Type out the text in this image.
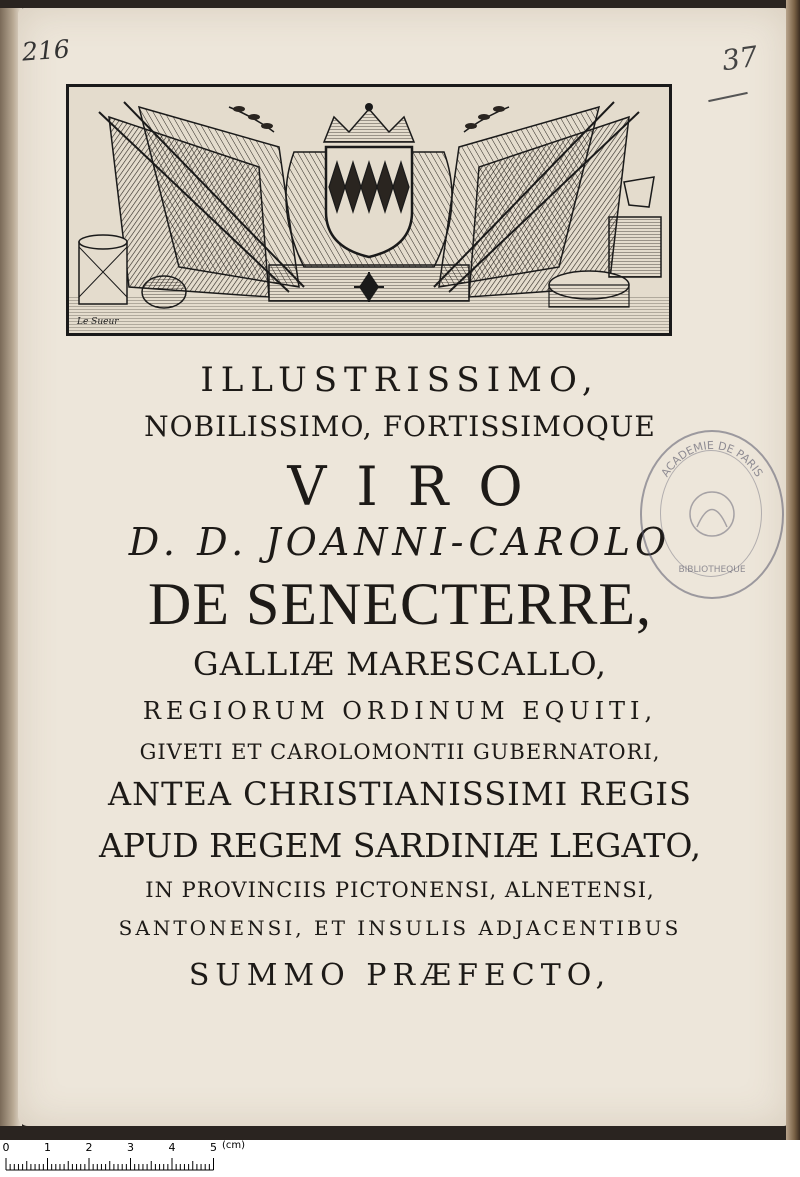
216	37
Le Sueur
ILLUSTRISSIMO,
NOBILISSIMO, FORTISSIMOQUE
VIRO
D. D. JOANNI-CAROLO
DE SENECTERRE,
GALLIÆ MARESCALLO,
REGIORUM ORDINUM EQUITI,
GIVETI ET CAROLOMONTII GUBERNATORI,
ANTEA CHRISTIANISSIMI REGIS
APUD REGEM SARDINIÆ LEGATO,
IN PROVINCIIS PICTONENSI, ALNETENSI,
SANTONENSI, ET INSULIS ADJACENTIBUS
SUMMO PRÆFECTO,
ACADEMIE DE PARIS
BIBLIOTHEQUE
0	1	2	3	4	5 (cm)
